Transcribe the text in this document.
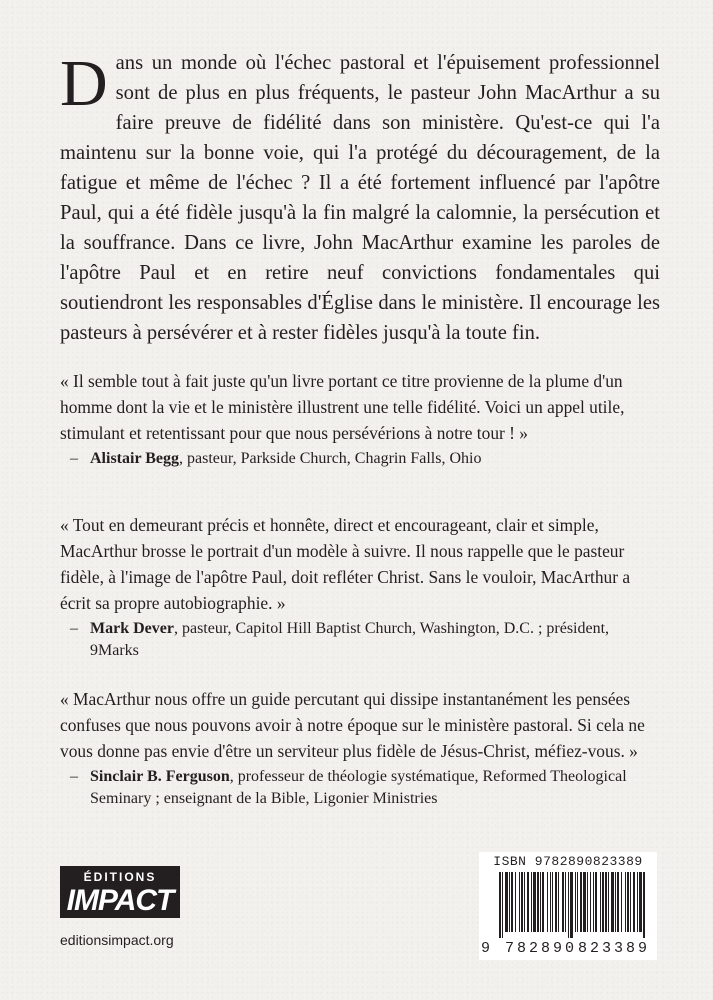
Dans un monde où l'échec pastoral et l'épuisement professionnel sont de plus en plus fréquents, le pasteur John MacArthur a su faire preuve de fidélité dans son ministère. Qu'est-ce qui l'a maintenu sur la bonne voie, qui l'a protégé du découragement, de la fatigue et même de l'échec ? Il a été fortement influencé par l'apôtre Paul, qui a été fidèle jusqu'à la fin malgré la calomnie, la persécution et la souffrance. Dans ce livre, John MacArthur examine les paroles de l'apôtre Paul et en retire neuf convictions fondamentales qui soutiendront les responsables d'Église dans le ministère. Il encourage les pasteurs à persévérer et à rester fidèles jusqu'à la toute fin.

« Il semble tout à fait juste qu'un livre portant ce titre provienne de la plume d'un homme dont la vie et le ministère illustrent une telle fidélité. Voici un appel utile, stimulant et retentissant pour que nous persévérions à notre tour ! »

– Alistair Begg, pasteur, Parkside Church, Chagrin Falls, Ohio

« Tout en demeurant précis et honnête, direct et encourageant, clair et simple, MacArthur brosse le portrait d'un modèle à suivre. Il nous rappelle que le pasteur fidèle, à l'image de l'apôtre Paul, doit refléter Christ. Sans le vouloir, MacArthur a écrit sa propre autobiographie. »

– Mark Dever, pasteur, Capitol Hill Baptist Church, Washington, D.C. ; président, 9Marks

« MacArthur nous offre un guide percutant qui dissipe instantanément les pensées confuses que nous pouvons avoir à notre époque sur le ministère pastoral. Si cela ne vous donne pas envie d'être un serviteur plus fidèle de Jésus-Christ, méfiez-vous. »

– Sinclair B. Ferguson, professeur de théologie systématique, Reformed Theological Seminary ; enseignant de la Bible, Ligonier Ministries
ÉDITIONS
IMPACT
editionsimpact.org
ISBN 9782890823389
9 782890 823389
